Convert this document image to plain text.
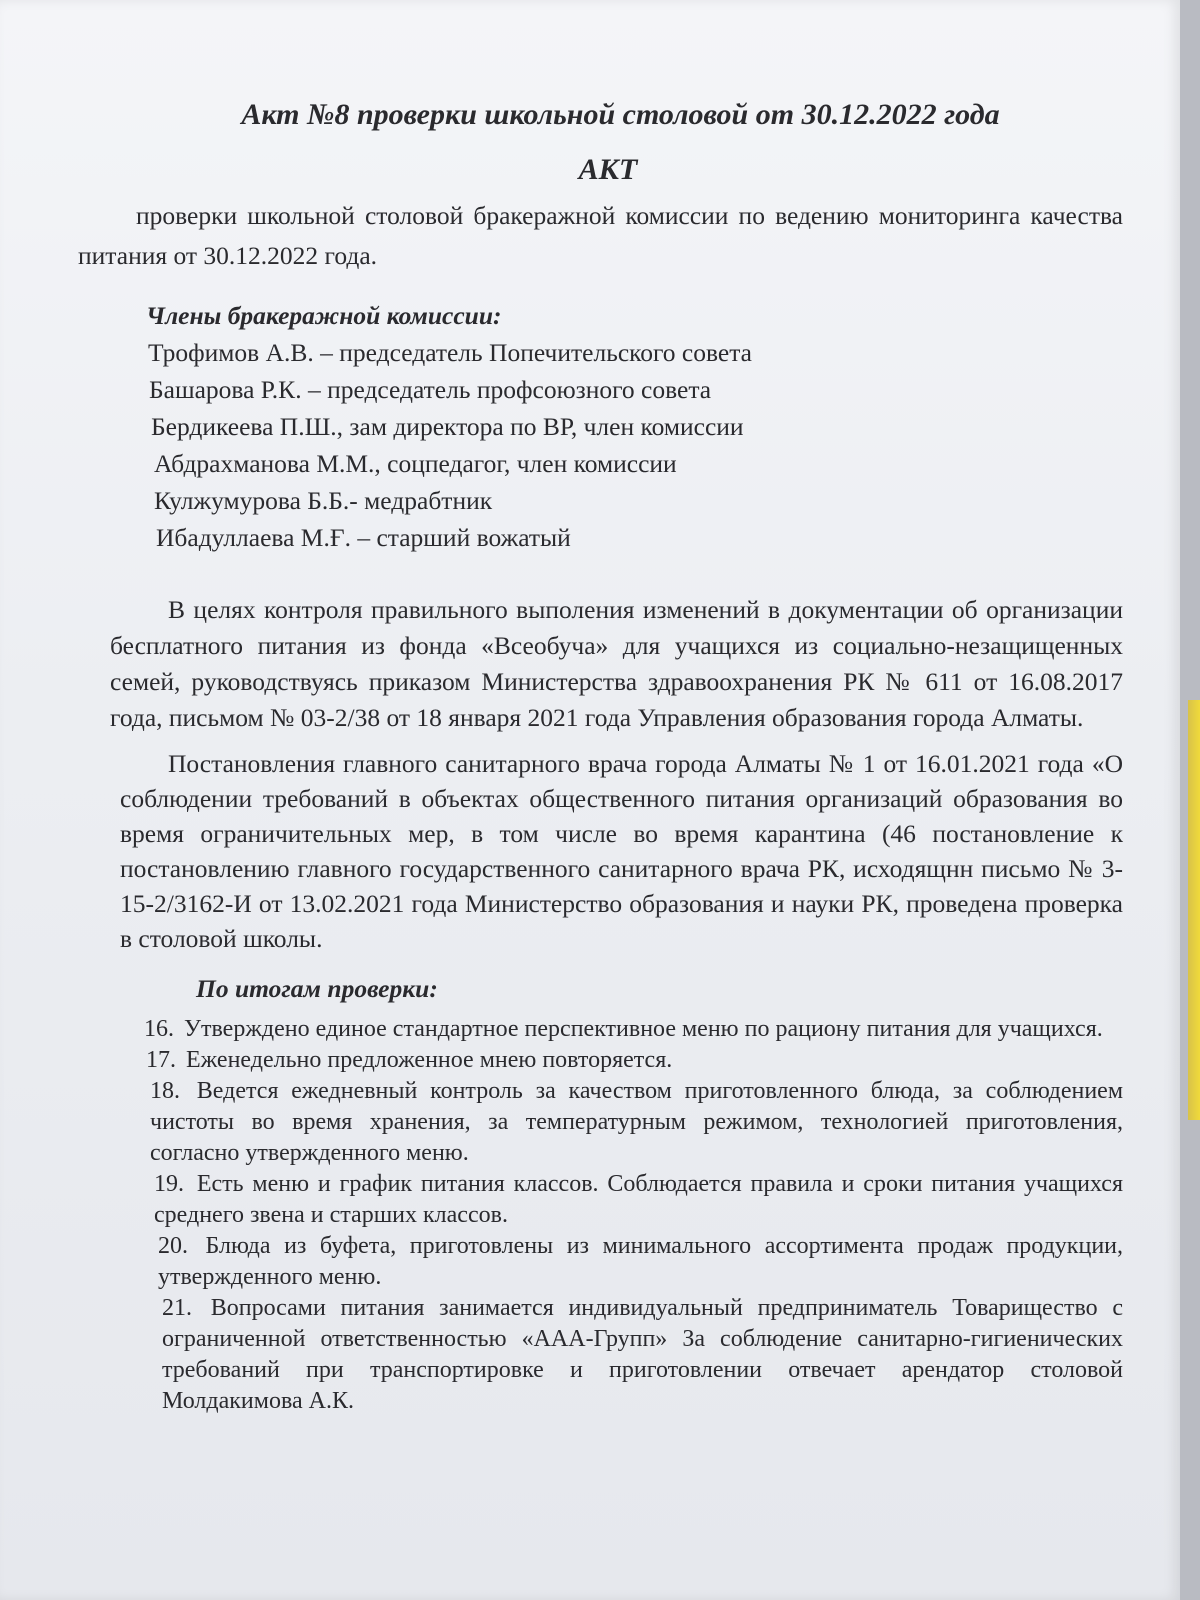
Акт №8 проверки школьной столовой от 30.12.2022 года
АКТ

проверки школьной столовой бракеражной комиссии по ведению мониторинга качества питания от 30.12.2022 года.

Члены бракеражной комиссии:
Трофимов А.В. – председатель Попечительского совета
Башарова Р.К. – председатель профсоюзного совета
Бердикеева П.Ш., зам директора по ВР, член комиссии
Абдрахманова М.М., соцпедагог, член комиссии
Кулжумурова Б.Б.- медрабтник
Ибадуллаева М.Ғ. – старший вожатый

В целях контроля правильного выполения изменений в документации об организации бесплатного питания из фонда «Всеобуча» для учащихся из социально-незащищенных семей, руководствуясь приказом Министерства здравоохранения РК № 611 от 16.08.2017 года, письмом № 03-2/38 от 18 января 2021 года Управления образования города Алматы.

Постановления главного санитарного врача города Алматы № 1 от 16.01.2021 года «О соблюдении требований в объектах общественного питания организаций образования во время ограничительных мер, в том числе во время карантина (46 постановление к постановлению главного государственного санитарного врача РК, исходящнн письмо № 3-15-2/3162-И от 13.02.2021 года Министерство образования и науки РК, проведена проверка в столовой школы.

По итогам проверки:
16. Утверждено единое стандартное перспективное меню по рациону питания для учащихся.
17. Еженедельно предложенное мнею повторяется.
18. Ведется ежедневный контроль за качеством приготовленного блюда, за соблюдением чистоты во время хранения, за температурным режимом, технологией приготовления, согласно утвержденного меню.
19. Есть меню и график питания классов. Соблюдается правила и сроки питания учащихся среднего звена и старших классов.
20. Блюда из буфета, приготовлены из минимального ассортимента продаж продукции, утвержденного меню.
21. Вопросами питания занимается индивидуальный предприниматель Товарищество с ограниченной ответственностью «ААА-Групп» За соблюдение санитарно-гигиенических требований при транспортировке и приготовлении отвечает арендатор столовой Молдакимова А.К.
